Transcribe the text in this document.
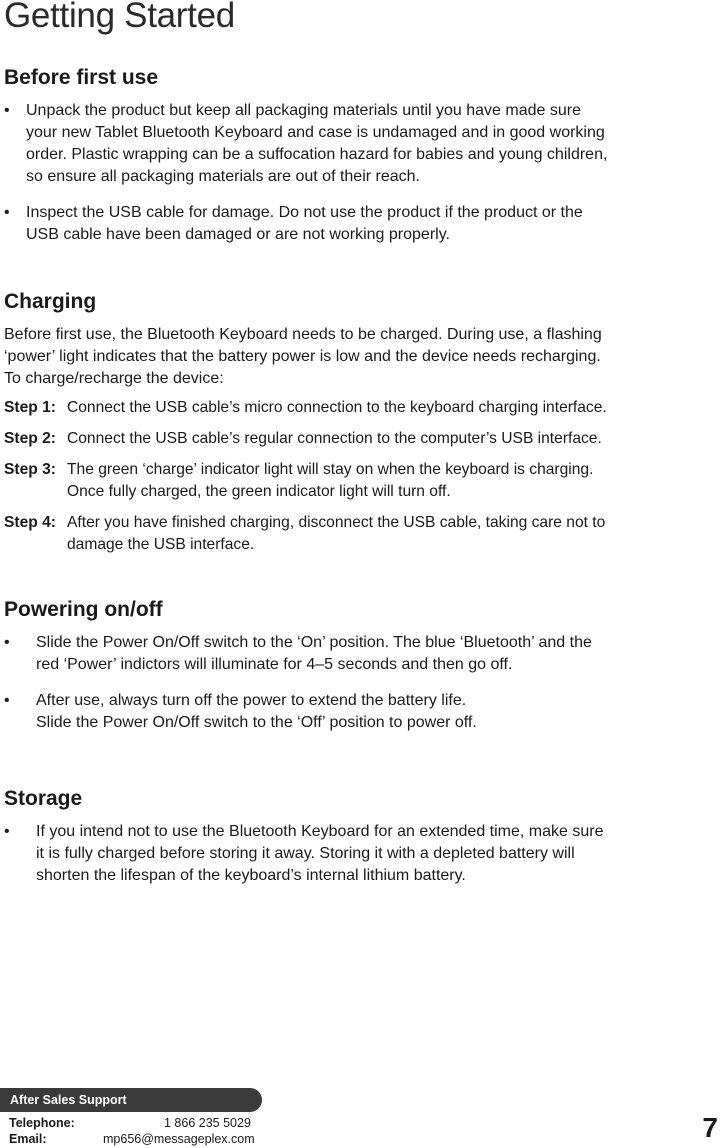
Getting Started
Before first use
• Unpack the product but keep all packaging materials until you have made sure
your new Tablet Bluetooth Keyboard and case is undamaged and in good working
order. Plastic wrapping can be a suffocation hazard for babies and young children,
so ensure all packaging materials are out of their reach.
• Inspect the USB cable for damage. Do not use the product if the product or the
USB cable have been damaged or are not working properly.
Charging

Before first use, the Bluetooth Keyboard needs to be charged. During use, a flashing
‘power’ light indicates that the battery power is low and the device needs recharging.
To charge/recharge the device:

Step 1: Connect the USB cable’s micro connection to the keyboard charging interface.
Step 2: Connect the USB cable’s regular connection to the computer’s USB interface.
Step 3: The green ‘charge’ indicator light will stay on when the keyboard is charging.
Once fully charged, the green indicator light will turn off.
Step 4: After you have finished charging, disconnect the USB cable, taking care not to
damage the USB interface.
Powering on/off
• Slide the Power On/Off switch to the ‘On’ position. The blue ‘Bluetooth’ and the
red ‘Power’ indictors will illuminate for 4–5 seconds and then go off.
• After use, always turn off the power to extend the battery life.
Slide the Power On/Off switch to the ‘Off’ position to power off.
Storage
• If you intend not to use the Bluetooth Keyboard for an extended time, make sure
it is fully charged before storing it away. Storing it with a depleted battery will
shorten the lifespan of the keyboard’s internal lithium battery.
After Sales Support
Telephone:	1 866 235 5029
Email:	mp656@messageplex.com	7
